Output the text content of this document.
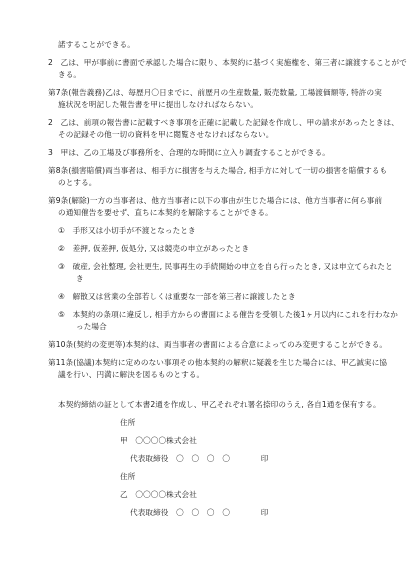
諾することができる。
2　乙は、甲が事前に書面で承認した場合に限り、本契約に基づく実施権を、第三者に譲渡することがで
きる。
第7条(報告義務)乙は、毎歴月〇日までに、前歴月の生産数量, 販売数量, 工場渡価額等, 特許の実
施状況を明記した報告書を甲に提出しなければならない。
2　乙は、前項の報告書に記載すべき事項を正確に記載した記録を作成し、甲の請求があったときは、
その記録その他一切の資料を甲に閲覧させなければならない。
3　甲は、乙の工場及び事務所を、合理的な時間に立入り調査することができる。
第8条(損害賠償)両当事者は、相手方に損害を与えた場合, 相手方に対して一切の損害を賠償するも
のとする。
第9条(解除)一方の当事者は、他方当事者に以下の事由が生じた場合には、他方当事者に何ら事前
の通知催告を要せず、直ちに本契約を解除することができる。
①　手形又は小切手が不渡となったとき
②　差押, 仮差押, 仮処分, 又は競売の申立があったとき
③　破産, 会社整理, 会社更生, 民事再生の手続開始の申立を自ら行ったとき, 又は申立てられたと
き
④　解散又は営業の全部若しくは重要な一部を第三者に譲渡したとき
⑤　本契約の条項に違反し, 相手方からの書面による催告を受領した後1ヶ月以内にこれを行わなか
った場合
第10条(契約の変更等)本契約は、両当事者の書面による合意によってのみ変更することができる。
第11条(協議)本契約に定めのない事項その他本契約の解釈に疑義を生じた場合には、甲乙誠実に協
議を行い、円満に解決を図るものとする。
本契約締結の証として本書2通を作成し、甲乙それぞれ署名捺印のうえ, 各自1通を保有する。
住所
甲　〇〇〇〇株式会社
代表取締役　〇　〇　〇　〇　　　　印
住所
乙　〇〇〇〇株式会社
代表取締役　〇　〇　〇　〇　　　　印
